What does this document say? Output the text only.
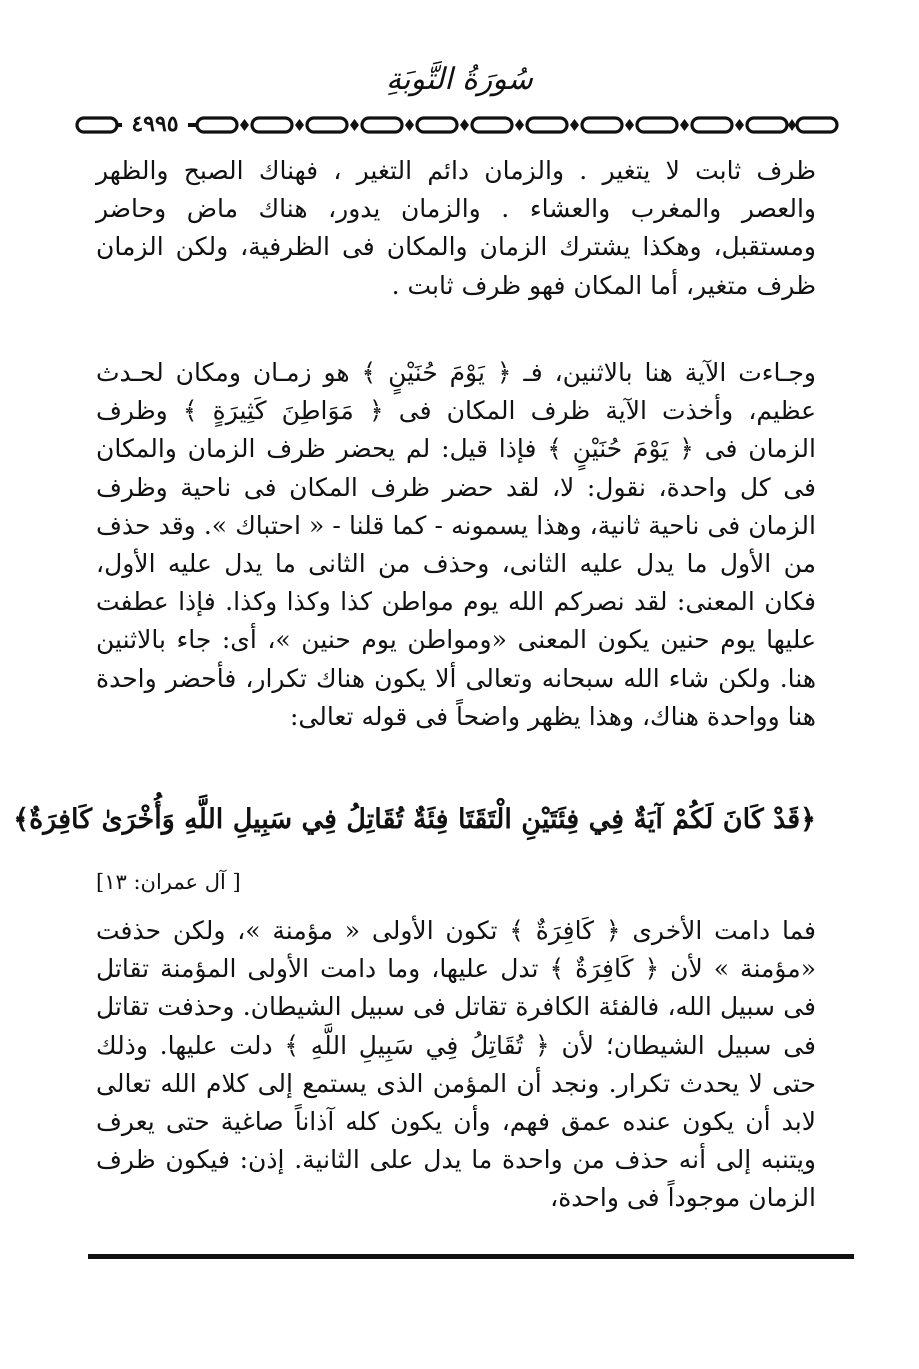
سُورَةُ التَّوبَةِ
٤٩٩٥
ظرف ثابت لا يتغير . والزمان دائم التغير ، فهناك الصبح والظهر والعصر والمغرب والعشاء . والزمان يدور، هناك ماض وحاضر ومستقبل، وهكذا يشترك الزمان والمكان فى الظرفية، ولكن الزمان ظرف متغير، أما المكان فهو ظرف ثابت .
وجـاءت الآية هنا بالاثنين، فـ ﴿ يَوْمَ حُنَيْنٍ ﴾ هو زمـان ومكان لحـدث عظيم، وأخذت الآية ظرف المكان فى ﴿ مَوَاطِنَ كَثِيرَةٍ ﴾ وظرف الزمان فى ﴿ يَوْمَ حُنَيْنٍ ﴾ فإذا قيل: لم يحضر ظرف الزمان والمكان فى كل واحدة، نقول: لا، لقد حضر ظرف المكان فى ناحية وظرف الزمان فى ناحية ثانية، وهذا يسمونه - كما قلنا - « احتباك ». وقد حذف من الأول ما يدل عليه الثانى، وحذف من الثانى ما يدل عليه الأول، فكان المعنى: لقد نصركم الله يوم مواطن كذا وكذا وكذا. فإذا عطفت عليها يوم حنين يكون المعنى «ومواطن يوم حنين »، أى: جاء بالاثنين هنا. ولكن شاء الله سبحانه وتعالى ألا يكون هناك تكرار، فأحضر واحدة هنا وواحدة هناك، وهذا يظهر واضحاً فى قوله تعالى:
﴿قَدْ كَانَ لَكُمْ آيَةٌ فِي فِئَتَيْنِ الْتَقَتَا فِئَةٌ تُقَاتِلُ فِي سَبِيلِ اللَّهِ وَأُخْرَىٰ كَافِرَةٌ﴾
[ آل عمران: ١٣]
فما دامت الأخرى ﴿ كَافِرَةٌ ﴾ تكون الأولى « مؤمنة »، ولكن حذفت «مؤمنة » لأن ﴿ كَافِرَةٌ ﴾ تدل عليها، وما دامت الأولى المؤمنة تقاتل فى سبيل الله، فالفئة الكافرة تقاتل فى سبيل الشيطان. وحذفت تقاتل فى سبيل الشيطان؛ لأن ﴿ تُقَاتِلُ فِي سَبِيلِ اللَّهِ ﴾ دلت عليها. وذلك حتى لا يحدث تكرار. ونجد أن المؤمن الذى يستمع إلى كلام الله تعالى لابد أن يكون عنده عمق فهم، وأن يكون كله آذاناً صاغية حتى يعرف ويتنبه إلى أنه حذف من واحدة ما يدل على الثانية. إذن: فيكون ظرف الزمان موجوداً فى واحدة،
